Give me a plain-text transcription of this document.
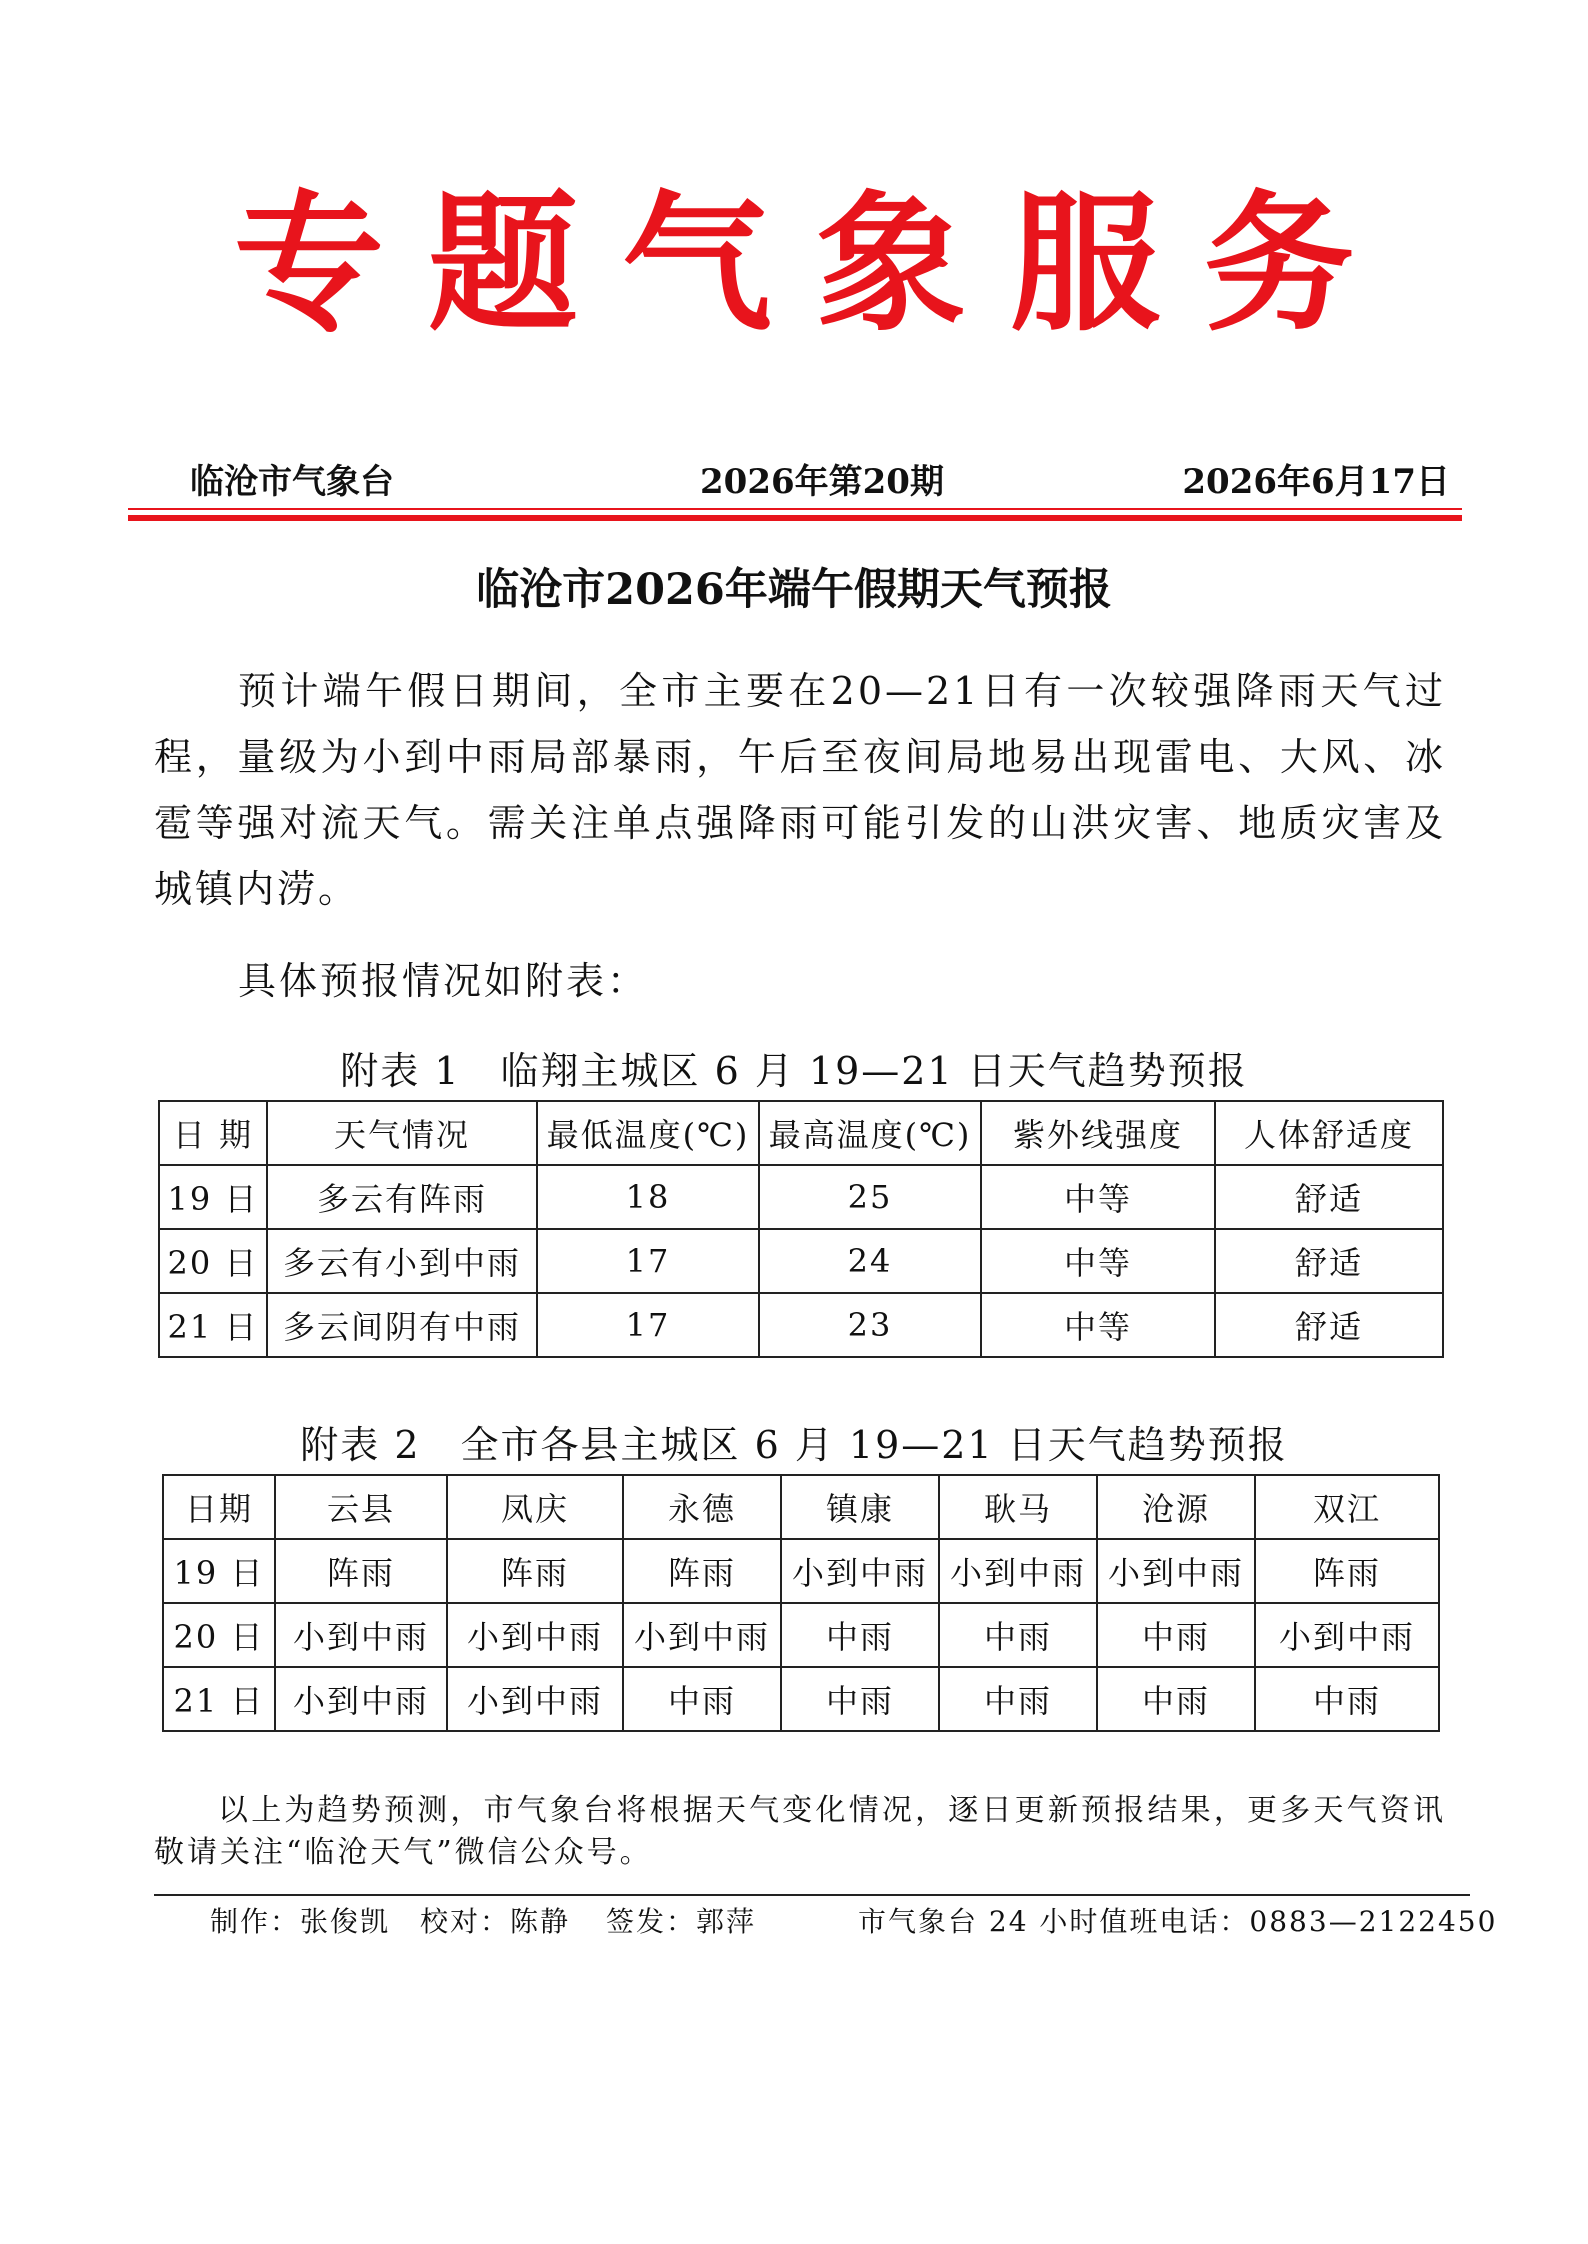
专题气象服务
临沧市气象台	2026年第20期	2026年6月17日
临沧市2026年端午假期天气预报
预计端午假日期间，全市主要在20—21日有一次较强降雨天气过程，量级为小到中雨局部暴雨，午后至夜间局地易出现雷电、大风、冰雹等强对流天气。需关注单点强降雨可能引发的山洪灾害、地质灾害及城镇内涝。
具体预报情况如附表：
附表 1　临翔主城区 6 月 19—21 日天气趋势预报
日 期	天气情况	最低温度(℃)	最高温度(℃)	紫外线强度	人体舒适度
19 日	多云有阵雨	18	25	中等	舒适
20 日	多云有小到中雨	17	24	中等	舒适
21 日	多云间阴有中雨	17	23	中等	舒适
附表 2　全市各县主城区 6 月 19—21 日天气趋势预报
日期	云县	凤庆	永德	镇康	耿马	沧源	双江
19 日	阵雨	阵雨	阵雨	小到中雨	小到中雨	小到中雨	阵雨
20 日	小到中雨	小到中雨	小到中雨	中雨	中雨	中雨	小到中雨
21 日	小到中雨	小到中雨	中雨	中雨	中雨	中雨	中雨
以上为趋势预测，市气象台将根据天气变化情况，逐日更新预报结果，更多天气资讯敬请关注“临沧天气”微信公众号。
制作：张俊凯 校对：陈静 签发：郭萍	市气象台 24 小时值班电话：0883—2122450
